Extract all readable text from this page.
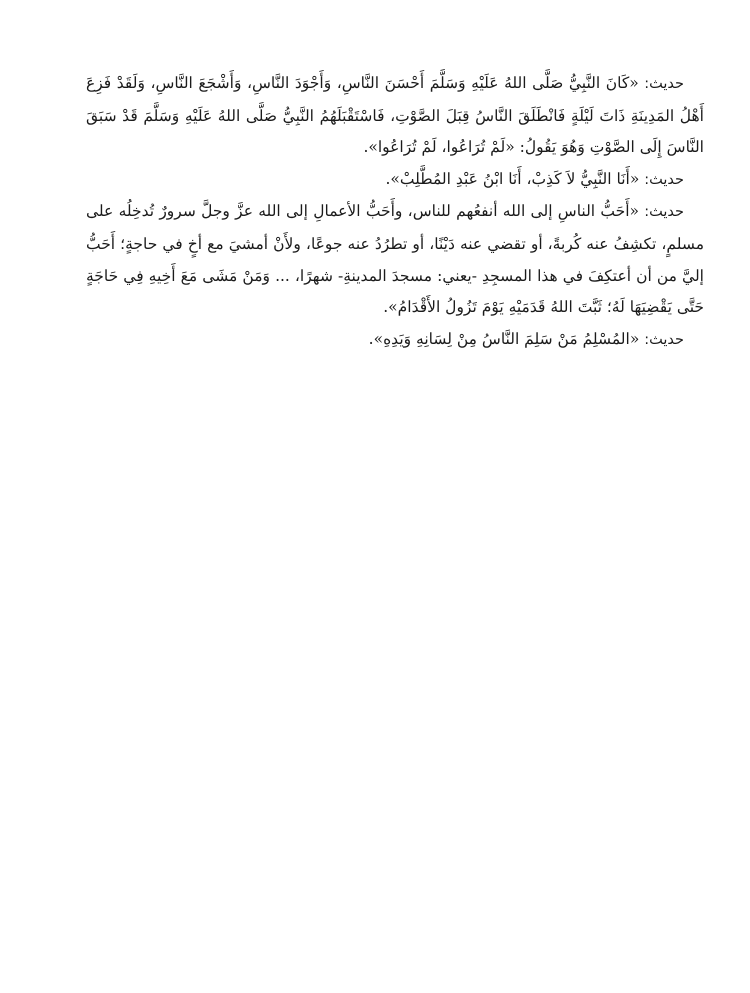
حديث: «كَانَ النَّبِيُّ صَلَّى اللهُ عَلَيْهِ وَسَلَّمَ أَحْسَنَ النَّاسِ، وَأَجْوَدَ النَّاسِ، وَأَشْجَعَ النَّاسِ، وَلَقَدْ فَزِعَ أَهْلُ المَدِينَةِ ذَاتَ لَيْلَةٍ فَانْطَلَقَ النَّاسُ قِبَلَ الصَّوْتِ، فَاسْتَقْبَلَهُمُ النَّبِيُّ صَلَّى اللهُ عَلَيْهِ وَسَلَّمَ قَدْ سَبَقَ النَّاسَ إِلَى الصَّوْتِ وَهُوَ يَقُولُ: «لَمْ تُرَاعُوا، لَمْ تُرَاعُوا».

حديث: «أَنَا النَّبِيُّ لاَ كَذِبْ، أَنَا ابْنُ عَبْدِ المُطَّلِبْ».

حديث: «أَحَبُّ الناسِ إلى الله أنفعُهم للناس، وأَحَبُّ الأعمالِ إلى الله عزَّ وجلَّ سرورٌ تُدخِلُه على مسلمٍ، تكشِفُ عنه كُربةً، أو تقضي عنه دَيْنًا، أو تطرُدُ عنه جوعًا، ولأَنْ أمشيَ مع أخٍ في حاجةٍ؛ أَحَبُّ إليَّ من أن أعتكِفَ في هذا المسجِدِ -يعني: مسجدَ المدينةِ- شهرًا، ... وَمَنْ مَشَى مَعَ أَخِيهِ فِي حَاجَةٍ حَتَّى يَقْضِيَهَا لَهُ؛ ثَبَّتَ اللهُ قَدَمَيْهِ يَوْمَ تَزُولُ الأَقْدَامُ».

حديث: «المُسْلِمُ مَنْ سَلِمَ النَّاسُ مِنْ لِسَانِهِ وَيَدِهِ».
